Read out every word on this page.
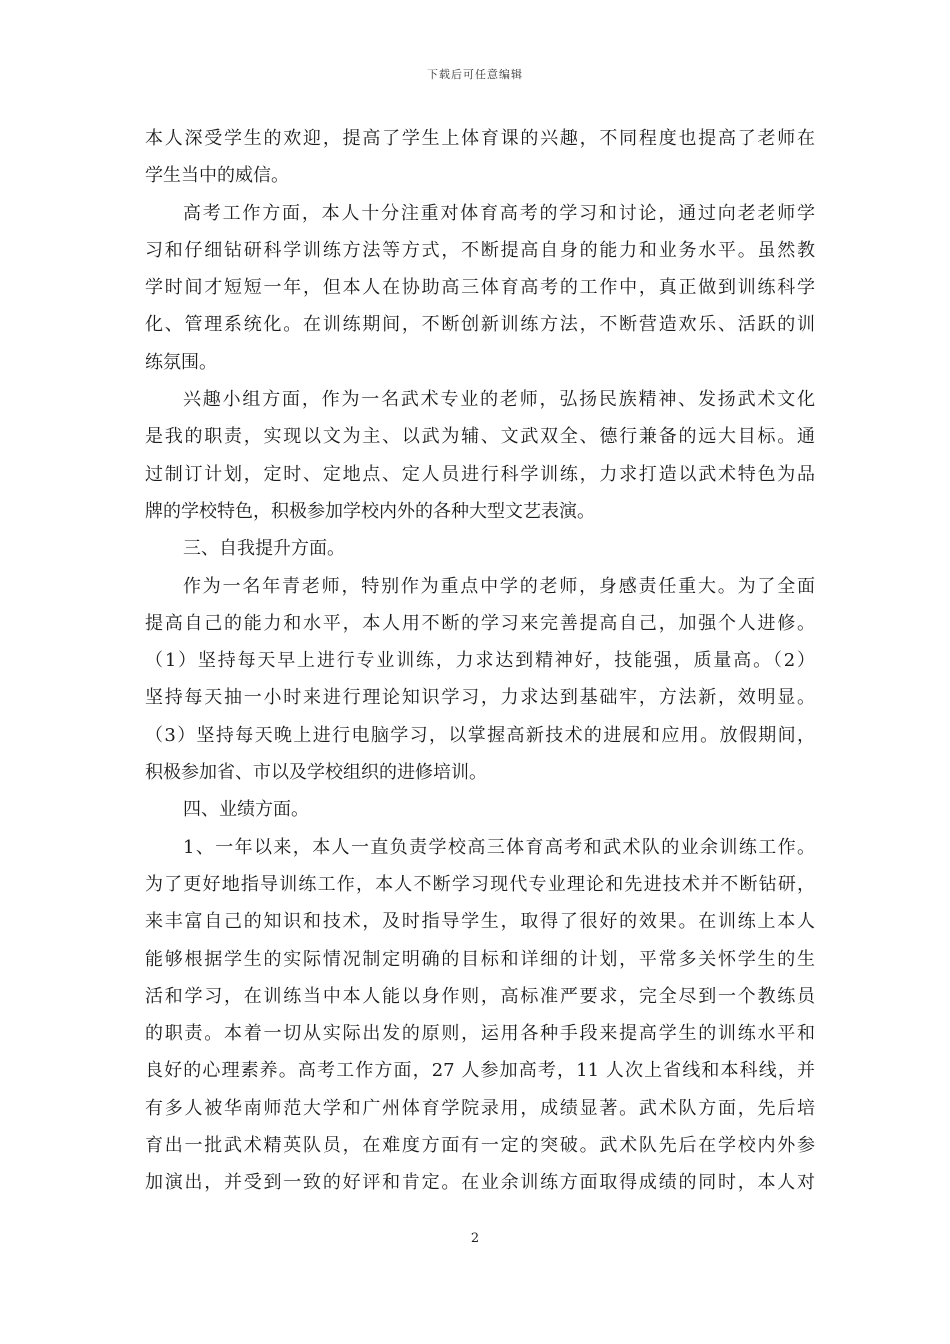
下载后可任意编辑
本人深受学生的欢迎，提高了学生上体育课的兴趣，不同程度也提高了老师在
学生当中的威信。
高考工作方面，本人十分注重对体育高考的学习和讨论，通过向老老师学
习和仔细钻研科学训练方法等方式，不断提高自身的能力和业务水平。虽然教
学时间才短短一年，但本人在协助高三体育高考的工作中，真正做到训练科学
化、管理系统化。在训练期间，不断创新训练方法，不断营造欢乐、活跃的训
练氛围。
兴趣小组方面，作为一名武术专业的老师，弘扬民族精神、发扬武术文化
是我的职责，实现以文为主、以武为辅、文武双全、德行兼备的远大目标。通
过制订计划，定时、定地点、定人员进行科学训练，力求打造以武术特色为品
牌的学校特色，积极参加学校内外的各种大型文艺表演。
三、自我提升方面。
作为一名年青老师，特别作为重点中学的老师，身感责任重大。为了全面
提高自己的能力和水平，本人用不断的学习来完善提高自己，加强个人进修。
（1）坚持每天早上进行专业训练，力求达到精神好，技能强，质量高。（2）
坚持每天抽一小时来进行理论知识学习，力求达到基础牢，方法新，效明显。
（3）坚持每天晚上进行电脑学习，以掌握高新技术的进展和应用。放假期间，
积极参加省、市以及学校组织的进修培训。
四、业绩方面。
1、一年以来，本人一直负责学校高三体育高考和武术队的业余训练工作。
为了更好地指导训练工作，本人不断学习现代专业理论和先进技术并不断钻研，
来丰富自己的知识和技术，及时指导学生，取得了很好的效果。在训练上本人
能够根据学生的实际情况制定明确的目标和详细的计划，平常多关怀学生的生
活和学习，在训练当中本人能以身作则，高标准严要求，完全尽到一个教练员
的职责。本着一切从实际出发的原则，运用各种手段来提高学生的训练水平和
良好的心理素养。高考工作方面，27 人参加高考，11 人次上省线和本科线，并
有多人被华南师范大学和广州体育学院录用，成绩显著。武术队方面，先后培
育出一批武术精英队员，在难度方面有一定的突破。武术队先后在学校内外参
加演出，并受到一致的好评和肯定。在业余训练方面取得成绩的同时，本人对
2
